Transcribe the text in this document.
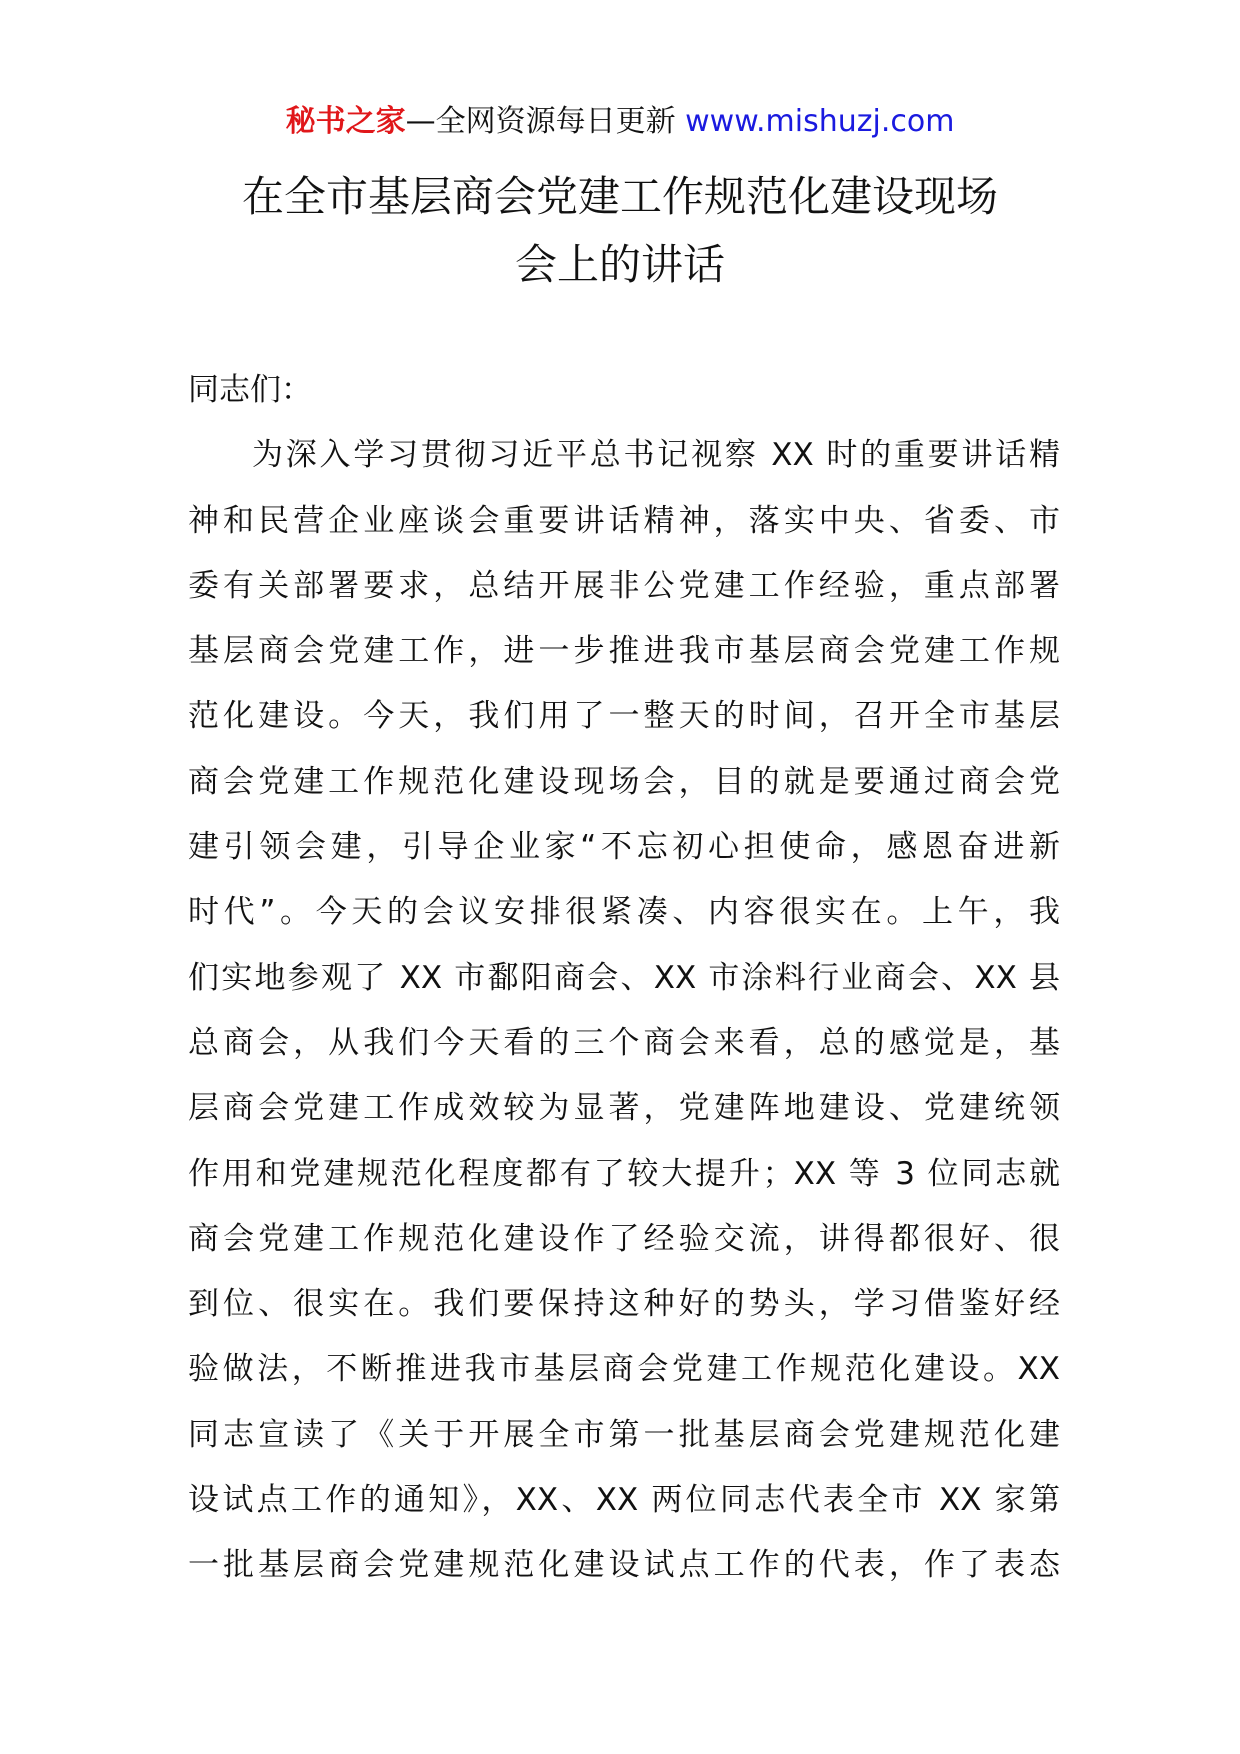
秘书之家—全网资源每日更新 www.mishuzj.com
在全市基层商会党建工作规范化建设现场
会上的讲话
同志们：
为深入学习贯彻习近平总书记视察 XX 时的重要讲话精
神和民营企业座谈会重要讲话精神，落实中央、省委、市
委有关部署要求，总结开展非公党建工作经验，重点部署
基层商会党建工作，进一步推进我市基层商会党建工作规
范化建设。今天，我们用了一整天的时间，召开全市基层
商会党建工作规范化建设现场会，目的就是要通过商会党
建引领会建，引导企业家“不忘初心担使命，感恩奋进新
时代”。今天的会议安排很紧凑、内容很实在。上午，我
们实地参观了 XX 市鄱阳商会、XX 市涂料行业商会、XX 县
总商会，从我们今天看的三个商会来看，总的感觉是，基
层商会党建工作成效较为显著，党建阵地建设、党建统领
作用和党建规范化程度都有了较大提升；XX 等 3 位同志就
商会党建工作规范化建设作了经验交流，讲得都很好、很
到位、很实在。我们要保持这种好的势头，学习借鉴好经
验做法，不断推进我市基层商会党建工作规范化建设。XX
同志宣读了《关于开展全市第一批基层商会党建规范化建
设试点工作的通知》，XX、XX 两位同志代表全市 XX 家第
一批基层商会党建规范化建设试点工作的代表，作了表态
